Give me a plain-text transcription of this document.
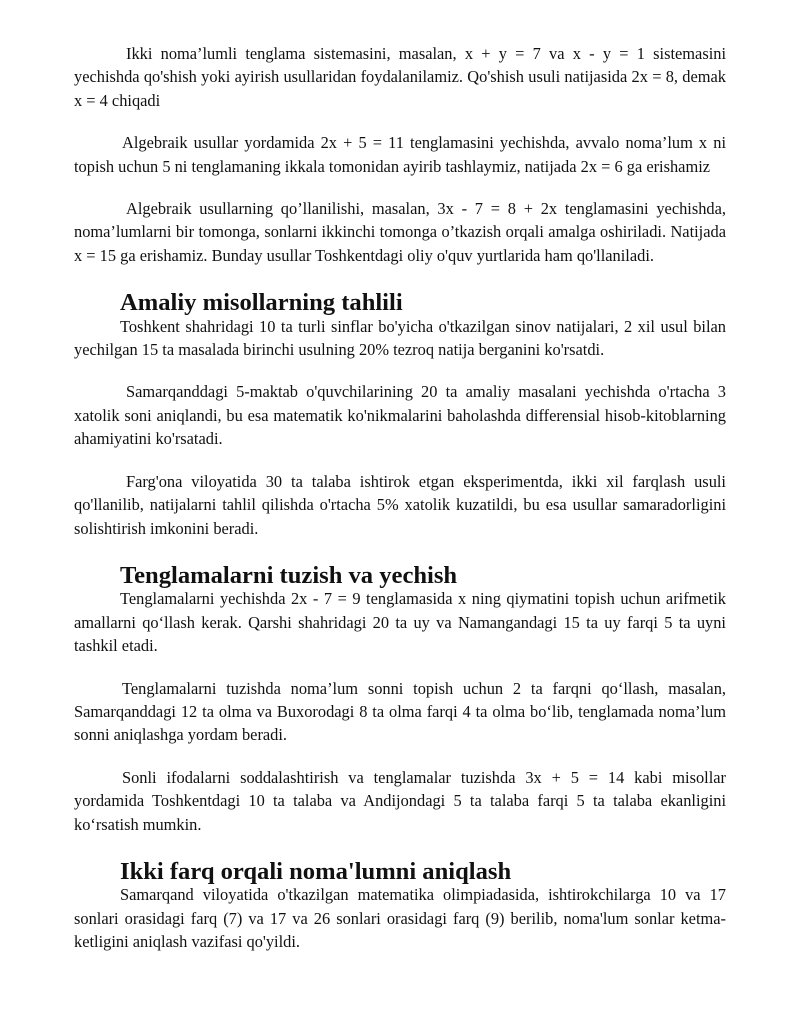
Ikki noma’lumli tenglama sistemasini, masalan, x + y = 7 va x - y = 1 sistemasini yechishda qo'shish yoki ayirish usullaridan foydalanilamiz. Qo'shish usuli natijasida 2x = 8, demak x = 4 chiqadi

Algebraik usullar yordamida 2x + 5 = 11 tenglamasini yechishda, avvalo noma’lum x ni topish uchun 5 ni tenglamaning ikkala tomonidan ayirib tashlaymiz, natijada 2x = 6 ga erishamiz

Algebraik usullarning qo’llanilishi, masalan, 3x - 7 = 8 + 2x tenglamasini yechishda, noma’lumlarni bir tomonga, sonlarni ikkinchi tomonga o’tkazish orqali amalga oshiriladi. Natijada x = 15 ga erishamiz. Bunday usullar Toshkentdagi oliy o'quv yurtlarida ham qo'llaniladi.

Amaliy misollarning tahlili

Toshkent shahridagi 10 ta turli sinflar bo'yicha o'tkazilgan sinov natijalari, 2 xil usul bilan yechilgan 15 ta masalada birinchi usulning 20% tezroq natija berganini ko'rsatdi.

Samarqanddagi 5-maktab o'quvchilarining 20 ta amaliy masalani yechishda o'rtacha 3 xatolik soni aniqlandi, bu esa matematik ko'nikmalarini baholashda differensial hisob-kitoblarning ahamiyatini ko'rsatadi.

Farg'ona viloyatida 30 ta talaba ishtirok etgan eksperimentda, ikki xil farqlash usuli qo'llanilib, natijalarni tahlil qilishda o'rtacha 5% xatolik kuzatildi, bu esa usullar samaradorligini solishtirish imkonini beradi.

Tenglamalarni tuzish va yechish

Tenglamalarni yechishda 2x - 7 = 9 tenglamasida x ning qiymatini topish uchun arifmetik amallarni qo‘llash kerak. Qarshi shahridagi 20 ta uy va Namangandagi 15 ta uy farqi 5 ta uyni tashkil etadi.

Tenglamalarni tuzishda noma’lum sonni topish uchun 2 ta farqni qo‘llash, masalan, Samarqanddagi 12 ta olma va Buxorodagi 8 ta olma farqi 4 ta olma bo‘lib, tenglamada noma’lum sonni aniqlashga yordam beradi.

Sonli ifodalarni soddalashtirish va tenglamalar tuzishda 3x + 5 = 14 kabi misollar yordamida Toshkentdagi 10 ta talaba va Andijondagi 5 ta talaba farqi 5 ta talaba ekanligini ko‘rsatish mumkin.

Ikki farq orqali noma'lumni aniqlash

Samarqand viloyatida o'tkazilgan matematika olimpiadasida, ishtirokchilarga 10 va 17 sonlari orasidagi farq (7) va 17 va 26 sonlari orasidagi farq (9) berilib, noma'lum sonlar ketma-ketligini aniqlash vazifasi qo'yildi.
